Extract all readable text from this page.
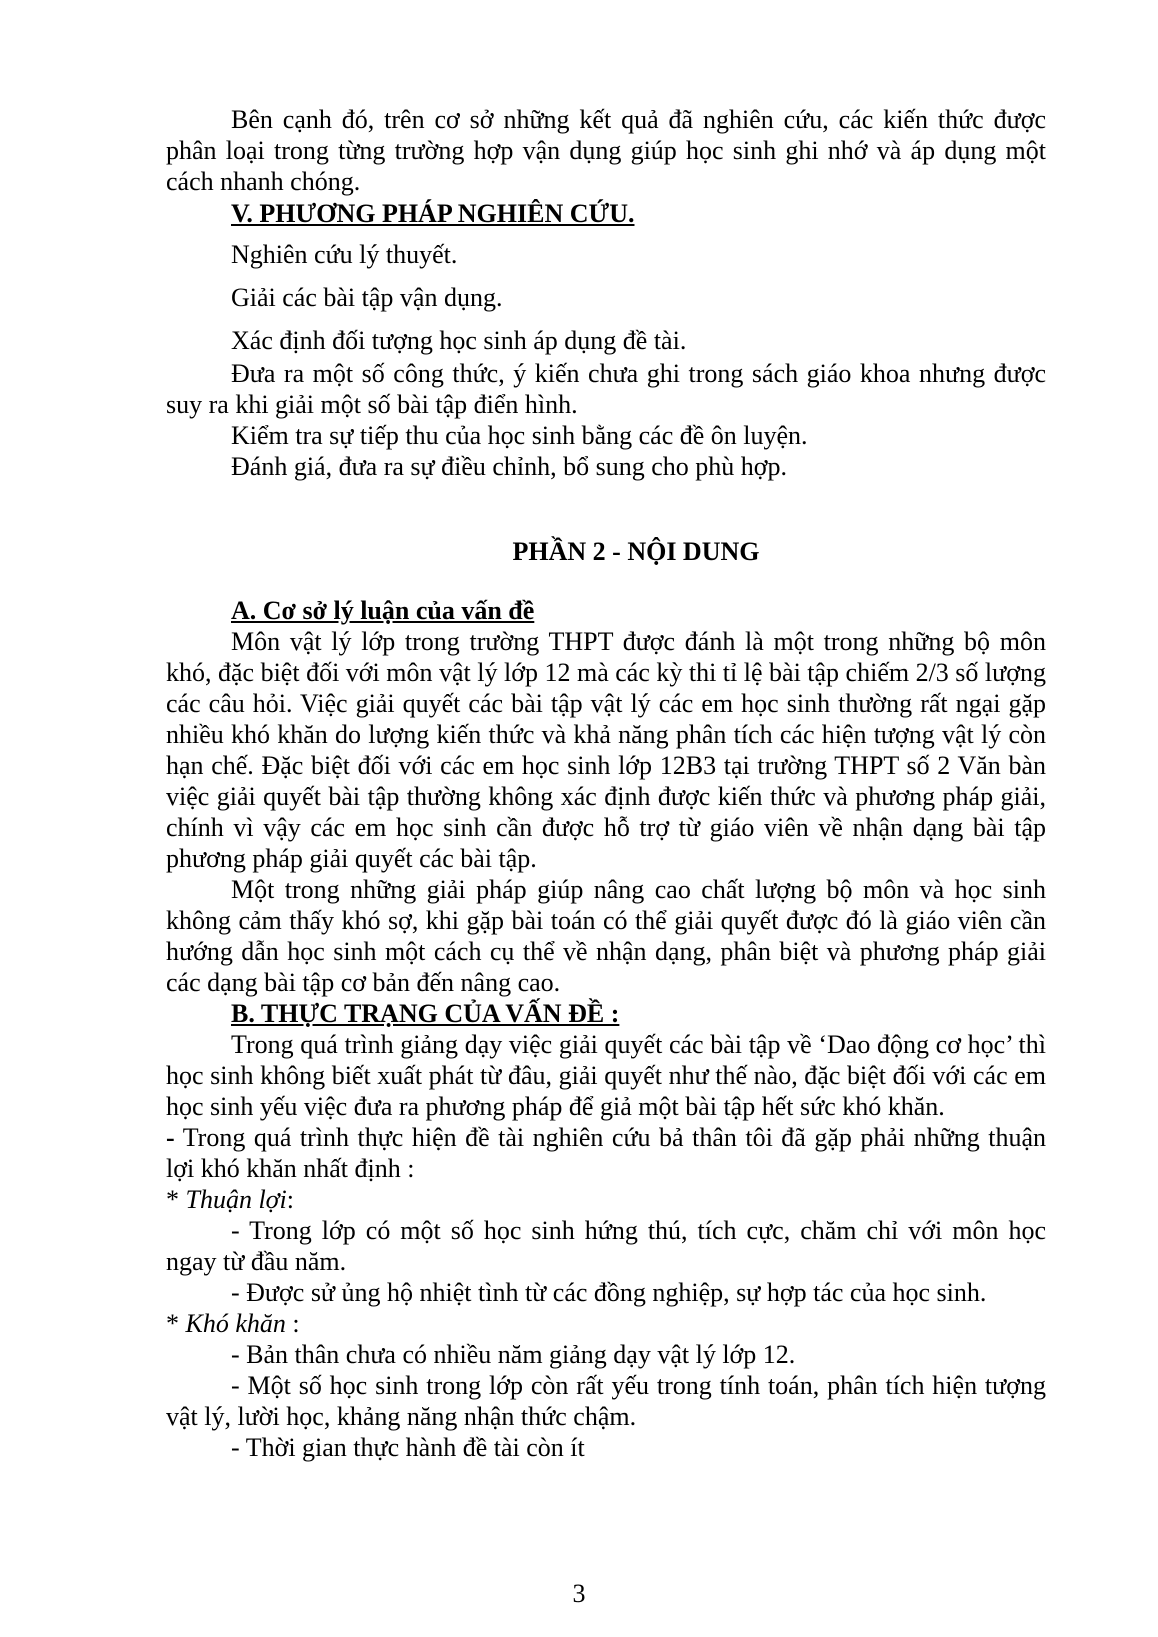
Bên cạnh đó, trên cơ sở những kết quả đã nghiên cứu, các kiến thức được phân loại trong từng trường hợp vận dụng giúp học sinh ghi nhớ và áp dụng một cách nhanh chóng.

V. PHƯƠNG PHÁP NGHIÊN CỨU.

Nghiên cứu lý thuyết.

Giải các bài tập vận dụng.

Xác định đối tượng học sinh áp dụng đề tài.

Đưa ra một số công thức, ý kiến chưa ghi trong sách giáo khoa nhưng được suy ra khi giải một số bài tập điển hình.

Kiểm tra sự tiếp thu của học sinh bằng các đề ôn luyện.

Đánh giá, đưa ra sự điều chỉnh, bổ sung cho phù hợp.

PHẦN 2 - NỘI DUNG

A. Cơ sở lý luận của vấn đề

Môn vật lý lớp trong trường THPT được đánh là một trong những bộ môn khó, đặc biệt đối với môn vật lý lớp 12 mà các kỳ thi tỉ lệ bài tập chiếm 2/3 số lượng các câu hỏi. Việc giải quyết các bài tập vật lý các em học sinh thường rất ngại gặp nhiều khó khăn do lượng kiến thức và khả năng phân tích các hiện tượng vật lý còn hạn chế. Đặc biệt đối với các em học sinh lớp 12B3 tại trường THPT số 2 Văn bàn việc giải quyết bài tập thường không xác định được kiến thức và phương pháp giải, chính vì vậy các em học sinh cần được hỗ trợ từ giáo viên về nhận dạng bài tập phương pháp giải quyết các bài tập.

Một trong những giải pháp giúp nâng cao chất lượng bộ môn và học sinh không cảm thấy khó sợ, khi gặp bài toán có thể giải quyết được đó là giáo viên cần hướng dẫn học sinh một cách cụ thể về nhận dạng, phân biệt và phương pháp giải các dạng bài tập cơ bản đến nâng cao.

B. THỰC TRẠNG CỦA VẤN ĐỀ :

Trong quá trình giảng dạy việc giải quyết các bài tập về ‘Dao động cơ học’ thì học sinh không biết xuất phát từ đâu, giải quyết như thế nào, đặc biệt đối với các em học sinh yếu việc đưa ra phương pháp để giả một bài tập hết sức khó khăn.

- Trong quá trình thực hiện đề tài nghiên cứu bả thân tôi đã gặp phải những thuận lợi khó khăn nhất định :

* Thuận lợi:

- Trong lớp có một số học sinh hứng thú, tích cực, chăm chỉ với môn học ngay từ đầu năm.

- Được sử ủng hộ nhiệt tình từ các đồng nghiệp, sự hợp tác của học sinh.

* Khó khăn :

- Bản thân chưa có nhiều năm giảng dạy vật lý lớp 12.

- Một số học sinh trong lớp còn rất yếu trong tính toán, phân tích hiện tượng vật lý, lười học, khảng năng nhận thức chậm.

- Thời gian thực hành đề tài còn ít

3
